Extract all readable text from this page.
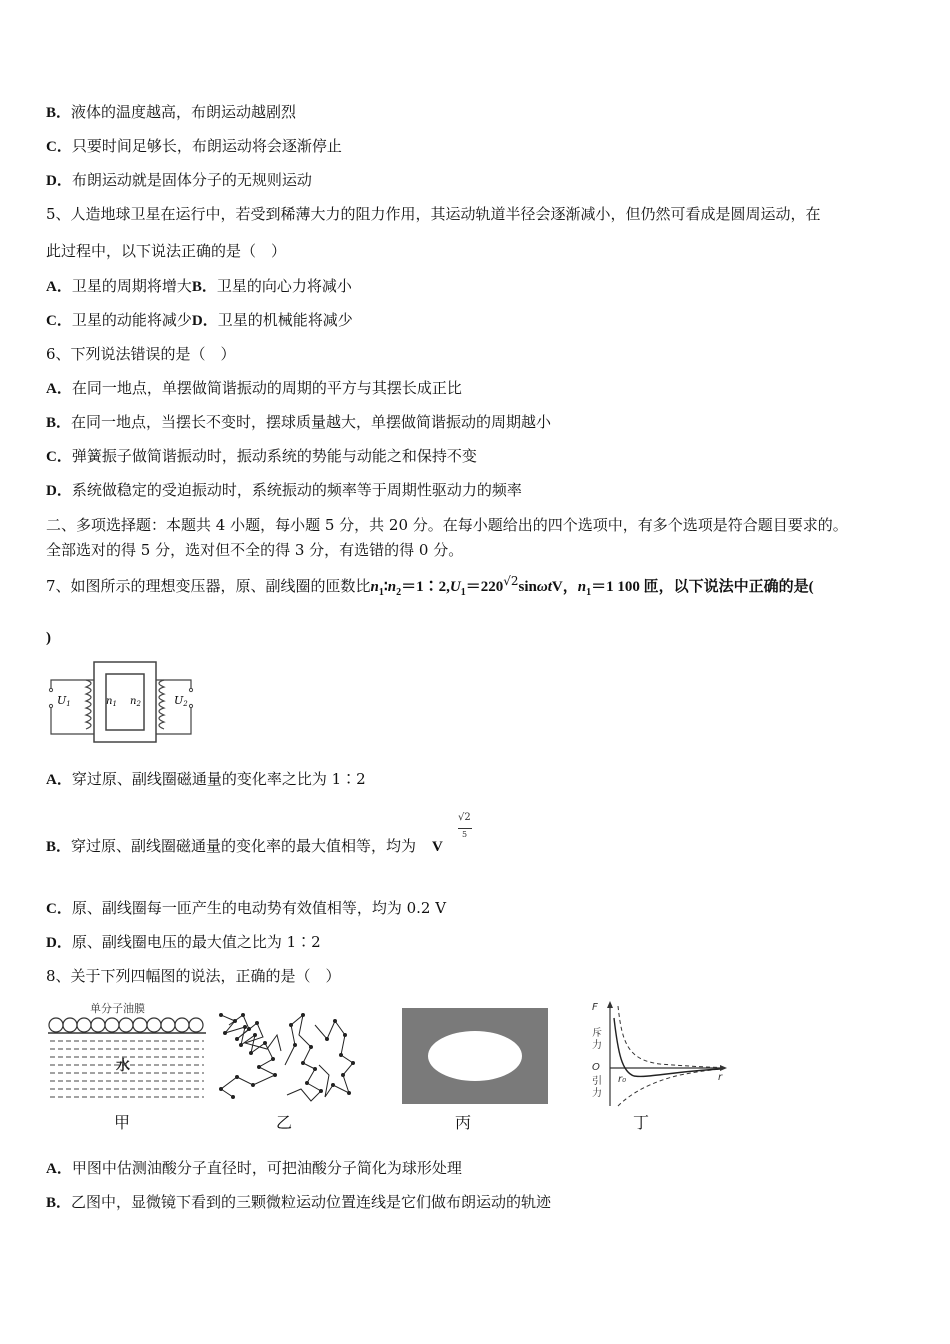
B．液体的温度越高，布朗运动越剧烈
C．只要时间足够长，布朗运动将会逐渐停止
D．布朗运动就是固体分子的无规则运动
5、人造地球卫星在运行中，若受到稀薄大力的阻力作用，其运动轨道半径会逐渐减小，但仍然可看成是圆周运动，在
此过程中，以下说法正确的是（　）
A．卫星的周期将增大B．卫星的向心力将减小
C．卫星的动能将减少D．卫星的机械能将减少
6、下列说法错误的是（　）
A．在同一地点，单摆做简谐振动的周期的平方与其摆长成正比
B．在同一地点，当摆长不变时，摆球质量越大，单摆做简谐振动的周期越小
C．弹簧振子做简谐振动时，振动系统的势能与动能之和保持不变
D．系统做稳定的受迫振动时，系统振动的频率等于周期性驱动力的频率
二、多项选择题：本题共 4 小题，每小题 5 分，共 20 分。在每小题给出的四个选项中，有多个选项是符合题目要求的。
全部选对的得 5 分，选对但不全的得 3 分，有选错的得 0 分。
7、如图所示的理想变压器，原、副线圈的匝数比$n_1∶n_2=1∶2,U_1=220^{√2}\sin\omega tV$，$n_1=1$ 100 匝，以下说法中正确的是(
)
U1	$n_1$ $n_2$	U2
A．穿过原、副线圈磁通量的变化率之比为 1∶2
√2
5
B．穿过原、副线圈磁通量的变化率的最大值相等，均为 V
C．原、副线圈每一匝产生的电动势有效值相等，均为 0.2 V
D．原、副线圈电压的最大值之比为 1∶2
8、关于下列四幅图的说法，正确的是（　）
单分子油膜
水
甲	乙	丙
F
斥
力
O
引
力
r₀	r
丁
A．甲图中估测油酸分子直径时，可把油酸分子简化为球形处理
B．乙图中，显微镜下看到的三颗微粒运动位置连线是它们做布朗运动的轨迹
